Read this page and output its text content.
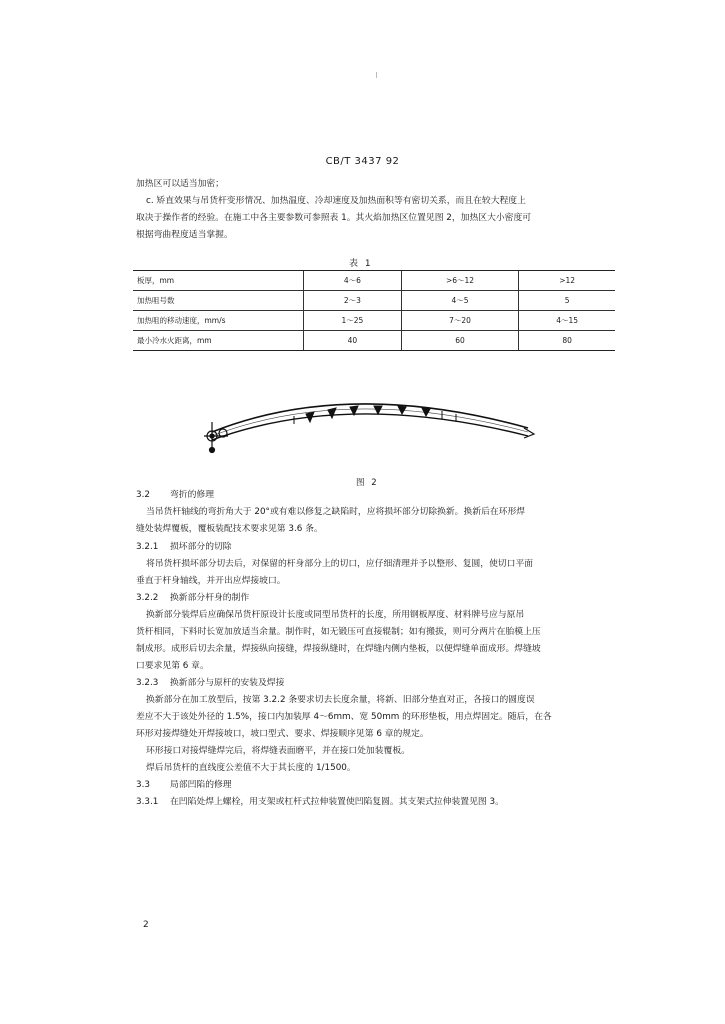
CB/T 3437 92
加热区可以适当加密；
c. 矫直效果与吊货杆变形情况、加热温度、冷却速度及加热面积等有密切关系，而且在较大程度上
取决于操作者的经验。在施工中各主要参数可参照表 1。其火焰加热区位置见图 2，加热区大小密度可
根据弯曲程度适当掌握。
表 1
板厚，mm	4～6	>6～12	>12
加热咀号数	2～3	4～5	5
加热咀的移动速度，mm/s	1～25	7～20	4～15
最小冷水火距离，mm	40	60	80
图 2
3.2 弯折的修理
当吊货杆轴线的弯折角大于 20°或有难以修复之缺陷时，应将损坏部分切除换新。换新后在环形焊
缝处装焊覆板，覆板装配技术要求见第 3.6 条。
3.2.1 损坏部分的切除
将吊货杆损坏部分切去后，对保留的杆身部分上的切口，应仔细清理并予以整形、复圆，使切口平面
垂直于杆身轴线，并开出应焊接坡口。
3.2.2 换新部分杆身的制作
换新部分装焊后应确保吊货杆原设计长度或同型吊货杆的长度，所用钢板厚度、材料牌号应与原吊
货杆相同，下料时长宽加放适当余量。制作时，如无锻压可直接辊制；如有搬拔，则可分两片在胎模上压
制成形。成形后切去余量，焊接纵向接缝，焊接纵缝时，在焊缝内侧内垫板，以便焊缝单面成形。焊缝坡
口要求见第 6 章。
3.2.3 换新部分与原杆的安装及焊接
换新部分在加工放型后，按第 3.2.2 条要求切去长度余量，将新、旧部分垫直对正，各接口的圆度误
差应不大于该处外径的 1.5%，接口内加装厚 4～6mm、宽 50mm 的环形垫板，用点焊固定。随后，在各
环形对接焊缝处开焊接坡口，坡口型式、要求、焊接顺序见第 6 章的规定。
环形接口对接焊缝焊完后，将焊缝表面磨平，并在接口处加装覆板。
焊后吊货杆的直线度公差值不大于其长度的 1/1500。
3.3 局部凹陷的修理
3.3.1 在凹陷处焊上螺栓，用支架或杠杆式拉伸装置使凹陷复圆。其支架式拉伸装置见图 3。
2
